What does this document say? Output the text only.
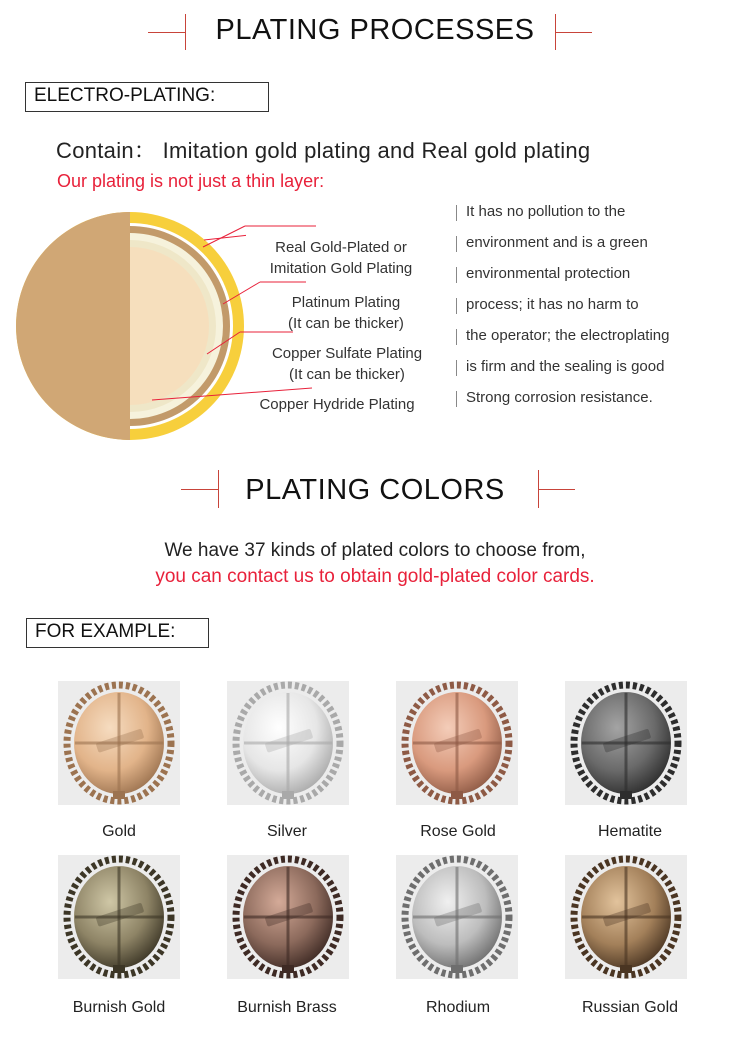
PLATING PROCESSES
ELECTRO-PLATING:
Contain： Imitation gold plating and Real gold plating
Our plating is not just a thin layer:
Real Gold-Plated or
Imitation Gold Plating
Platinum Plating
(It can be thicker)
Copper Sulfate Plating
(It can be thicker)
Copper Hydride Plating
It has no pollution to the
environment and is a green
environmental protection
process; it has no harm to
the operator; the electroplating
is firm and the sealing is good
Strong corrosion resistance.
PLATING COLORS
We have 37 kinds of plated colors to choose from,
you can contact us to obtain gold-plated color cards.
FOR EXAMPLE:
Gold	Silver	Rose Gold	Hematite
Burnish Gold	Burnish Brass	Rhodium	Russian Gold
